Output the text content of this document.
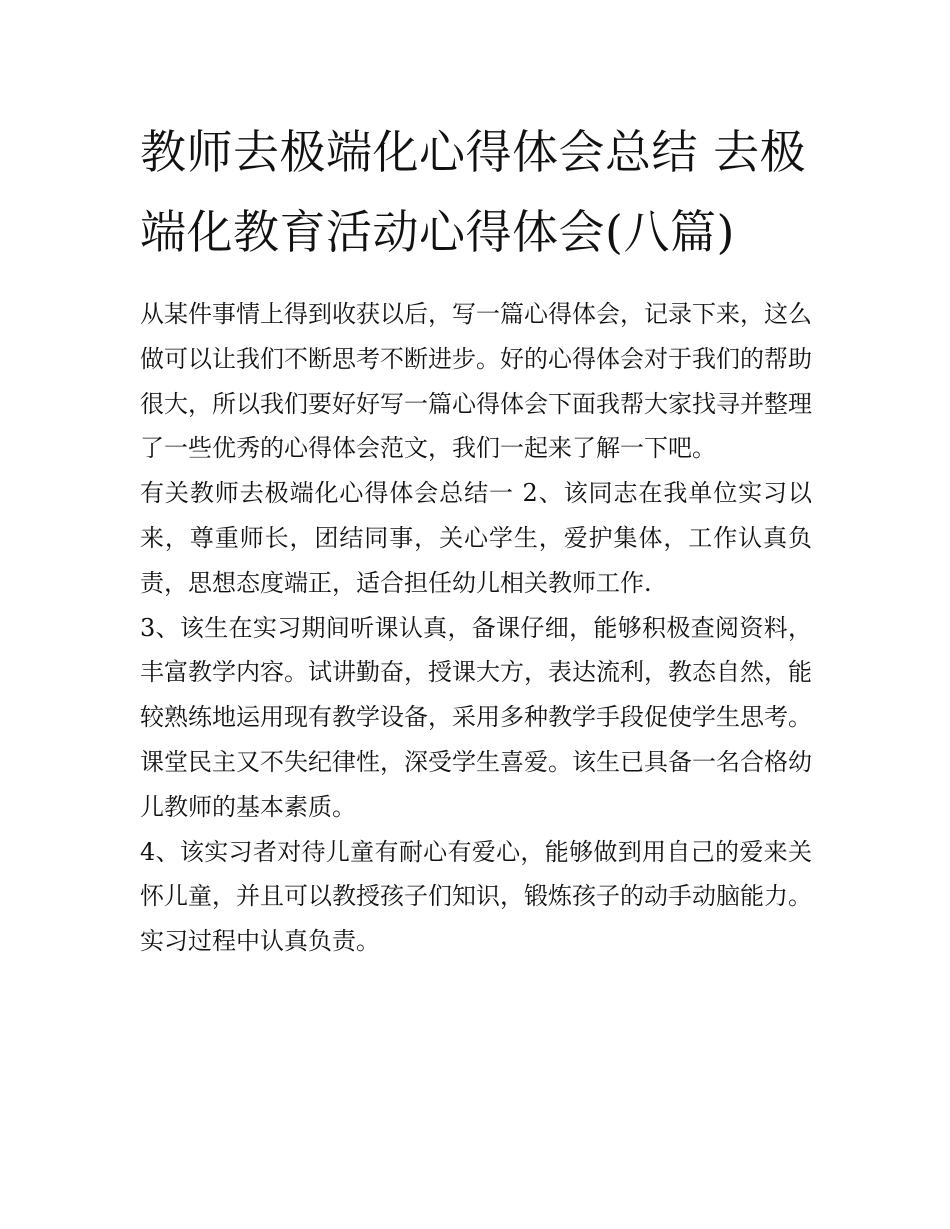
教师去极端化心得体会总结 去极端化教育活动心得体会(八篇)

从某件事情上得到收获以后，写一篇心得体会，记录下来，这么做可以让我们不断思考不断进步。好的心得体会对于我们的帮助很大，所以我们要好好写一篇心得体会下面我帮大家找寻并整理了一些优秀的心得体会范文，我们一起来了解一下吧。

有关教师去极端化心得体会总结一 2、该同志在我单位实习以来，尊重师长，团结同事，关心学生，爱护集体，工作认真负责，思想态度端正，适合担任幼儿相关教师工作.

3、该生在实习期间听课认真，备课仔细，能够积极查阅资料，丰富教学内容。试讲勤奋，授课大方，表达流利，教态自然，能较熟练地运用现有教学设备，采用多种教学手段促使学生思考。课堂民主又不失纪律性，深受学生喜爱。该生已具备一名合格幼儿教师的基本素质。

4、该实习者对待儿童有耐心有爱心，能够做到用自己的爱来关怀儿童，并且可以教授孩子们知识，锻炼孩子的动手动脑能力。实习过程中认真负责。
